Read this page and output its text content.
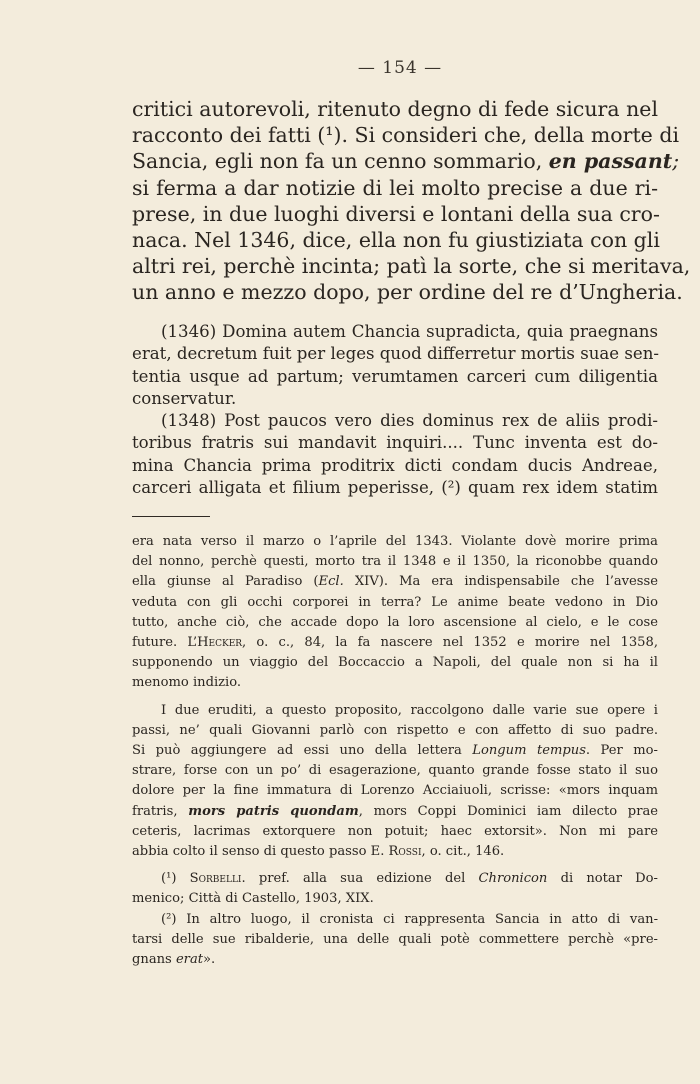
— 154 —
critici autorevoli, ritenuto degno di fede sicura nel
racconto dei fatti (¹). Si consideri che, della morte di
Sancia, egli non fa un cenno sommario, en passant;
si ferma a dar notizie di lei molto precise a due ri-
prese, in due luoghi diversi e lontani della sua cro-
naca. Nel 1346, dice, ella non fu giustiziata con gli
altri rei, perchè incinta; patì la sorte, che si meritava,
un anno e mezzo dopo, per ordine del re d’Ungheria.
(1346) Domina autem Chancia supradicta, quia praegnans
erat, decretum fuit per leges quod differretur mortis suae sen-
tentia usque ad partum; verumtamen carceri cum diligentia
conservatur.
(1348) Post paucos vero dies dominus rex de aliis prodi-
toribus fratris sui mandavit inquiri.... Tunc inventa est do-
mina Chancia prima proditrix dicti condam ducis Andreae,
carceri alligata et filium peperisse, (²) quam rex idem statim
era nata verso il marzo o l’aprile del 1343. Violante dovè morire prima
del nonno, perchè questi, morto tra il 1348 e il 1350, la riconobbe quando
ella giunse al Paradiso (Ecl. XIV). Ma era indispensabile che l’avesse
veduta con gli occhi corporei in terra? Le anime beate vedono in Dio
tutto, anche ciò, che accade dopo la loro ascensione al cielo, e le cose
future. L’Hecker, o. c., 84, la fa nascere nel 1352 e morire nel 1358,
supponendo un viaggio del Boccaccio a Napoli, del quale non si ha il
menomo indizio.
I due eruditi, a questo proposito, raccolgono dalle varie sue opere i
passi, ne’ quali Giovanni parlò con rispetto e con affetto di suo padre.
Si può aggiungere ad essi uno della lettera Longum tempus. Per mo-
strare, forse con un po’ di esagerazione, quanto grande fosse stato il suo
dolore per la fine immatura di Lorenzo Acciaiuoli, scrisse: «mors inquam
fratris, mors patris quondam, mors Coppi Dominici iam dilecto prae
ceteris, lacrimas extorquere non potuit; haec extorsit». Non mi pare
abbia colto il senso di questo passo E. Rossi, o. cit., 146.
(¹) Sorbelli. pref. alla sua edizione del Chronicon di notar Do-
menico; Città di Castello, 1903, XIX.
(²) In altro luogo, il cronista ci rappresenta Sancia in atto di van-
tarsi delle sue ribalderie, una delle quali potè commettere perchè «pre-
gnans erat».
